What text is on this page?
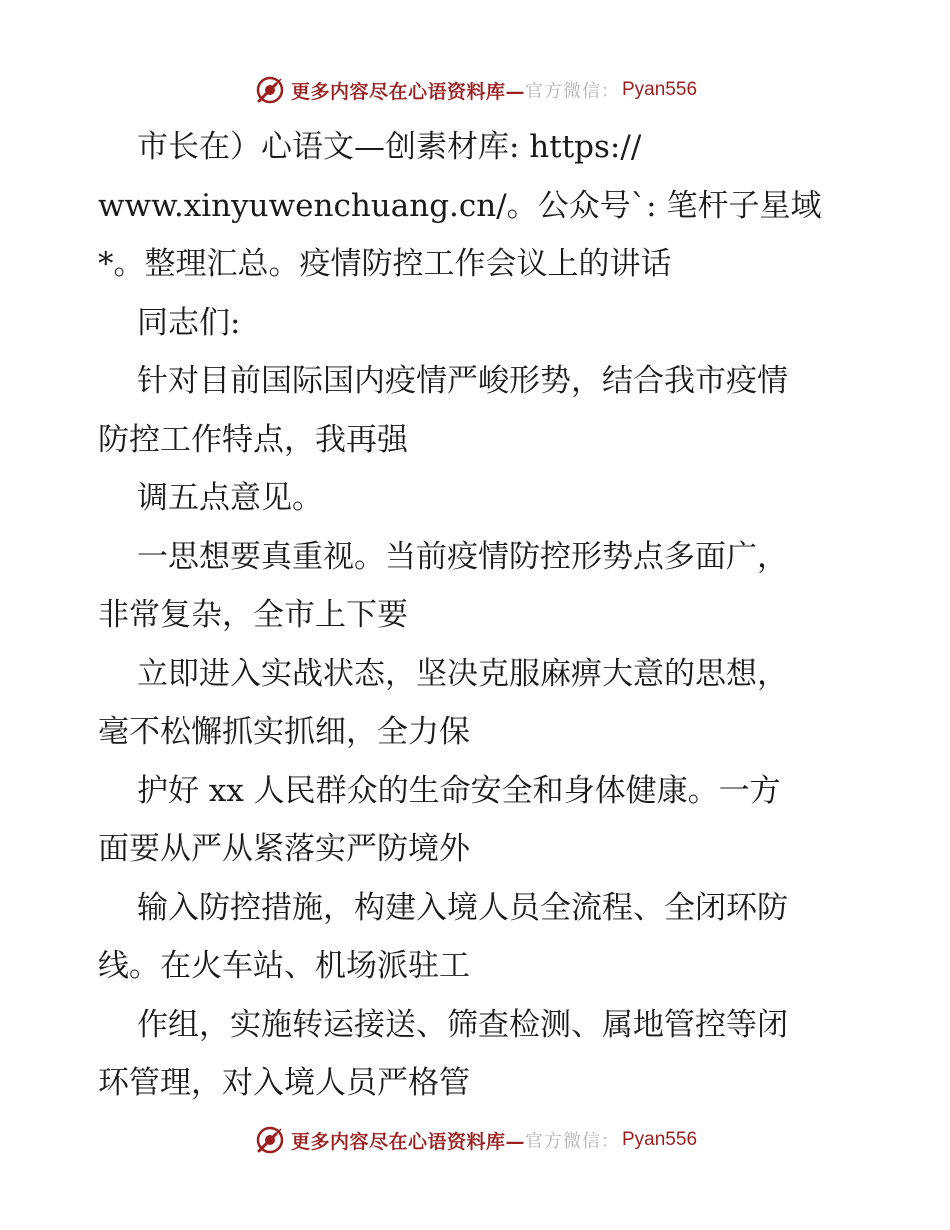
更多内容尽在心语资料库— 官方微信： Pyan556
市长在）心语文—创素材库: https://
www.xinyuwenchuang.cn/。公众号`: 笔杆子星域
*。整理汇总。疫情防控工作会议上的讲话
同志们:
针对目前国际国内疫情严峻形势，结合我市疫情
防控工作特点，我再强
调五点意见。
一思想要真重视。当前疫情防控形势点多面广，
非常复杂，全市上下要
立即进入实战状态，坚决克服麻痹大意的思想，
毫不松懈抓实抓细，全力保
护好 xx 人民群众的生命安全和身体健康。一方
面要从严从紧落实严防境外
输入防控措施，构建入境人员全流程、全闭环防
线。在火车站、机场派驻工
作组，实施转运接送、筛查检测、属地管控等闭
环管理，对入境人员严格管
更多内容尽在心语资料库— 官方微信： Pyan556
